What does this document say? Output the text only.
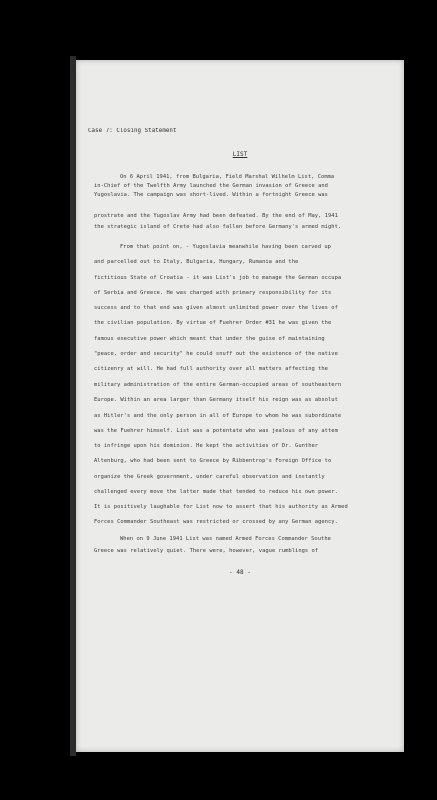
Case 7: Closing Statement
LIST
On 6 April 1941, from Bulgaria, Field Marshal Wilhelm List, Comma
in-Chief of the Twelfth Army launched the German invasion of Greece and
Yugoslavia. The campaign was short-lived. Within a fortnight Greece was
prostrate and the Yugoslav Army had been defeated. By the end of May, 1941
the strategic island of Crete had also fallen before Germany's armed might.
From that point on, - Yugoslavia meanwhile having been carved up
and parcelled out to Italy, Bulgaria, Hungary, Rumania and the
fictitious State of Croatia - it was List's job to manage the German occupa
of Serbia and Greece. He was charged with primary responsibility for its
success and to that end was given almost unlimited power over the lives of
the civilian population. By virtue of Fuehrer Order #31 he was given the
famous executive power which meant that under the guise of maintaining
"peace, order and security" he could snuff out the existence of the native
citizenry at will. He had full authority over all matters affecting the
military administration of the entire German-occupied areas of southeastern
Europe. Within an area larger than Germany itself his reign was as absolut
as Hitler's and the only person in all of Europe to whom he was subordinate
was the Fuehrer himself. List was a potentate who was jealous of any attem
to infringe upon his dominion. He kept the activities of Dr. Gunther
Altenburg, who had been sent to Greece by Ribbentrop's Foreign Office to
organize the Greek government, under careful observation and instantly
challenged every move the latter made that tended to reduce his own power.
It is positively laughable for List now to assert that his authority as Armed
Forces Commander Southeast was restricted or crossed by any German agency.
When on 9 June 1941 List was named Armed Forces Commander Southe
Greece was relatively quiet. There were, however, vague rumblings of
- 48 -
